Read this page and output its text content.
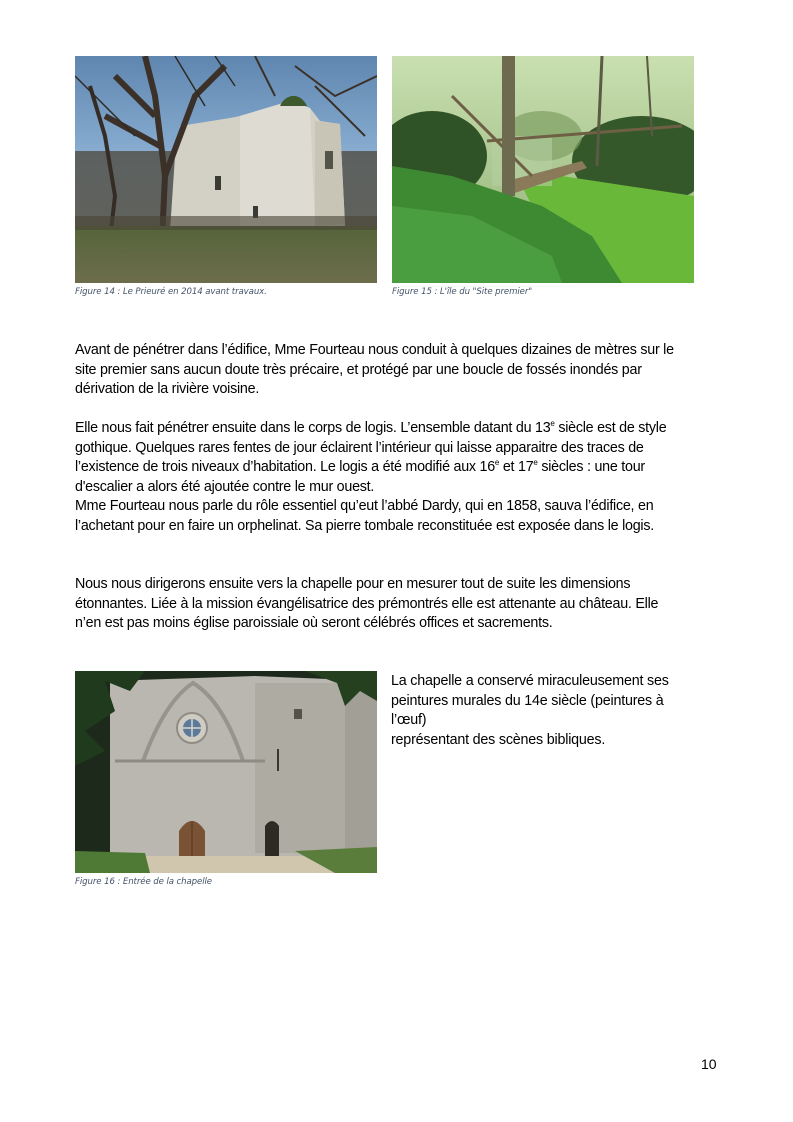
Figure 14 : Le Prieuré en 2014 avant travaux.	Figure 15 : L'île du "Site premier"

Avant de pénétrer dans l’édifice, Mme Fourteau nous conduit à quelques dizaines de mètres sur le

site premier sans aucun doute très précaire, et protégé par une boucle de fossés inondés par

dérivation de la rivière voisine.

Elle nous fait pénétrer ensuite dans le corps de logis. L’ensemble datant du 13e siècle est de style

gothique. Quelques rares fentes de jour éclairent l’intérieur qui laisse apparaitre des traces de

l’existence de trois niveaux d’habitation. Le logis a été modifié aux 16e et 17e siècles : une tour

d'escalier a alors été ajoutée contre le mur ouest.

Mme Fourteau nous parle du rôle essentiel qu’eut l’abbé Dardy, qui en 1858, sauva l’édifice, en

l’achetant pour en faire un orphelinat. Sa pierre tombale reconstituée est exposée dans le logis.

Nous nous dirigerons ensuite vers la chapelle pour en mesurer tout de suite les dimensions

étonnantes. Liée à la mission évangélisatrice des prémontrés elle est attenante au château. Elle

n’en est pas moins église paroissiale où seront célébrés offices et sacrements.

Figure 16 : Entrée de la chapelle

La chapelle a conservé miraculeusement ses

peintures murales du 14e siècle (peintures à

l’œuf)

représentant des scènes bibliques.

10
